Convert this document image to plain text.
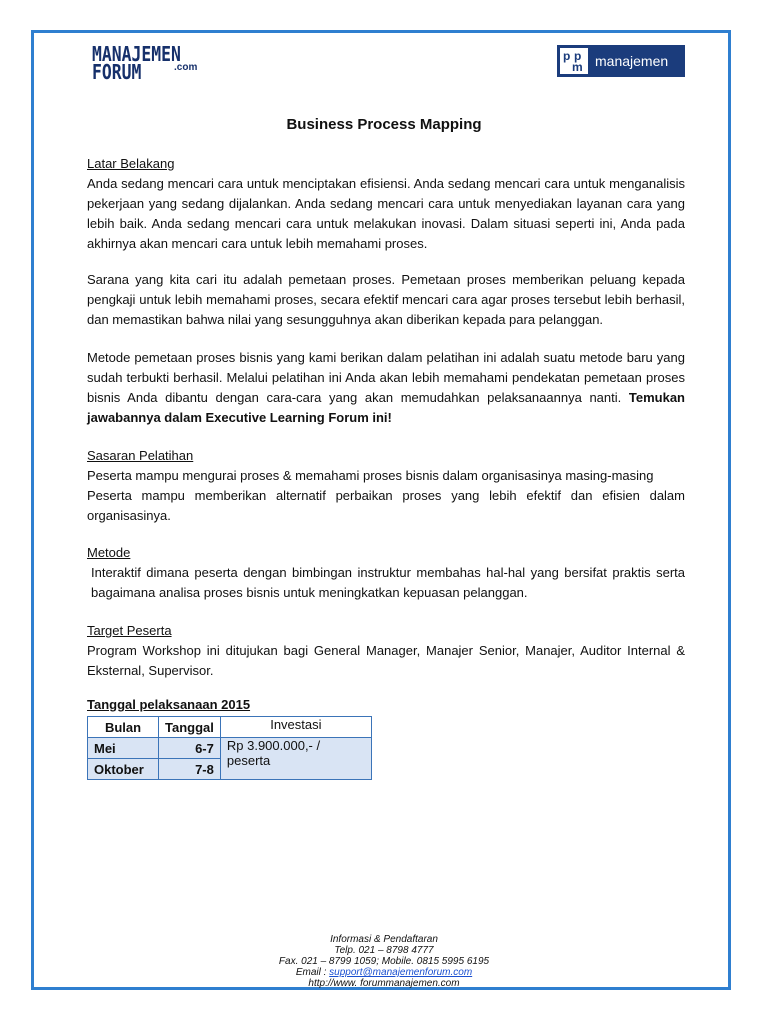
MANAJEMEN
FORUM	.com
p p
m manajemen
Business Process Mapping

Latar Belakang

Anda sedang mencari cara untuk menciptakan efisiensi. Anda sedang mencari cara untuk menganalisis pekerjaan yang sedang dijalankan. Anda sedang mencari cara untuk menyediakan layanan cara yang lebih baik. Anda sedang mencari cara untuk melakukan inovasi. Dalam situasi seperti ini, Anda pada akhirnya akan mencari cara untuk lebih memahami proses.

Sarana yang kita cari itu adalah pemetaan proses. Pemetaan proses memberikan peluang kepada pengkaji untuk lebih memahami proses, secara efektif mencari cara agar proses tersebut lebih berhasil, dan memastikan bahwa nilai yang sesungguhnya akan diberikan kepada para pelanggan.

Metode pemetaan proses bisnis yang kami berikan dalam pelatihan ini adalah suatu metode baru yang sudah terbukti berhasil. Melalui pelatihan ini Anda akan lebih memahami pendekatan pemetaan proses bisnis Anda dibantu dengan cara-cara yang akan memudahkan pelaksanaannya nanti. Temukan jawabannya dalam Executive Learning Forum ini!

Sasaran Pelatihan

Peserta mampu mengurai proses & memahami proses bisnis dalam organisasinya masing-masing

Peserta mampu memberikan alternatif perbaikan proses yang lebih efektif dan efisien dalam organisasinya.

Metode

Interaktif dimana peserta dengan bimbingan instruktur membahas hal-hal yang bersifat praktis serta bagaimana analisa proses bisnis untuk meningkatkan kepuasan pelanggan.

Target Peserta

Program Workshop ini ditujukan bagi General Manager, Manajer Senior, Manajer, Auditor Internal & Eksternal, Supervisor.

Tanggal pelaksanaan 2015

Bulan	Tanggal	Investasi
Mei	6-7	Rp 3.900.000,- / peserta
Oktober	7-8	
Informasi & Pendaftaran
Telp. 021 – 8798 4777
Fax. 021 – 8799 1059; Mobile. 0815 5995 6195
Email : support@manajemenforum.com
http://www. forummanajemen.com
